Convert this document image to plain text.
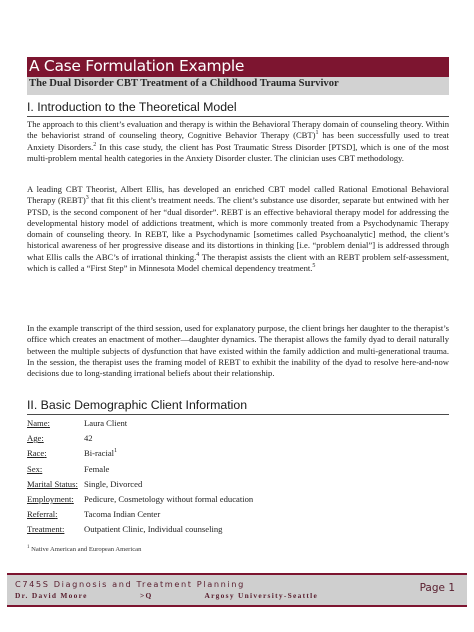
A Case Formulation Example
The Dual Disorder CBT Treatment of a Childhood Trauma Survivor
I. Introduction to the Theoretical Model

The approach to this client’s evaluation and therapy is within the Behavioral Therapy domain of counseling theory. Within the behaviorist strand of counseling theory, Cognitive Behavior Therapy (CBT)$^1$ has been successfully used to treat Anxiety Disorders.$^2$ In this case study, the client has Post Traumatic Stress Disorder [PTSD], which is one of the most multi-problem mental health categories in the Anxiety Disorder cluster. The clinician uses CBT methodology.

A leading CBT Theorist, Albert Ellis, has developed an enriched CBT model called Rational Emotional Behavioral Therapy (REBT)$^3$ that fit this client’s treatment needs. The client’s substance use disorder, separate but entwined with her PTSD, is the second component of her “dual disorder”. REBT is an effective behavioral therapy model for addressing the developmental history model of addictions treatment, which is more commonly treated from a Psychodynamic Therapy domain of counseling theory. In REBT, like a Psychodynamic [sometimes called Psychoanalytic] method, the client’s historical awareness of her progressive disease and its distortions in thinking [i.e. “problem denial”] is addressed through what Ellis calls the ABC’s of irrational thinking.$^4$ The therapist assists the client with an REBT problem self-assessment, which is called a “First Step” in Minnesota Model chemical dependency treatment.$^5$

In the example transcript of the third session, used for explanatory purpose, the client brings her daughter to the therapist’s office which creates an enactment of mother—daughter dynamics. The therapist allows the family dyad to derail naturally between the multiple subjects of dysfunction that have existed within the family addiction and multi-generational trauma. In the session, the therapist uses the framing model of REBT to exhibit the inability of the dyad to resolve here-and-now decisions due to long-standing irrational beliefs about their relationship.

II. Basic Demographic Client Information
Name:	Laura Client
Age:	42
Race:	Bi-racial$^1$
Sex:	Female
Marital Status: Single, Divorced
Employment: Pedicure, Cosmetology without formal education
Referral:	Tacoma Indian Center
Treatment: Outpatient Clinic, Individual counseling
$^1$ Native American and European American
C745S Diagnosis and Treatment Planning
Dr. David Moore	>Q	Argosy University-Seattle
Page 1
